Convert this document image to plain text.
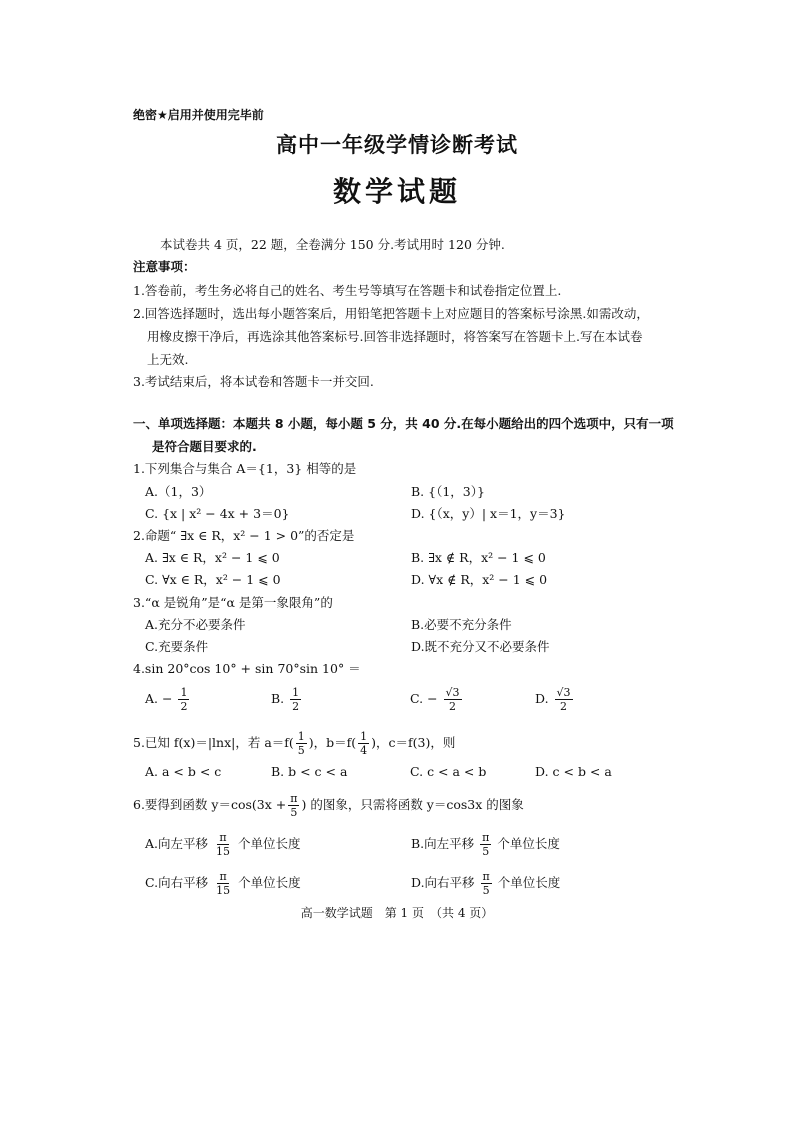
绝密★启用并使用完毕前
高中一年级学情诊断考试
数学试题
本试卷共 4 页，22 题，全卷满分 150 分.考试用时 120 分钟.
注意事项：
1.答卷前，考生务必将自己的姓名、考生号等填写在答题卡和试卷指定位置上.
2.回答选择题时，选出每小题答案后，用铅笔把答题卡上对应题目的答案标号涂黑.如需改动，
用橡皮擦干净后，再选涂其他答案标号.回答非选择题时，将答案写在答题卡上.写在本试卷
上无效.
3.考试结束后，将本试卷和答题卡一并交回.
一、单项选择题：本题共 8 小题，每小题 5 分，共 40 分.在每小题给出的四个选项中，只有一项
是符合题目要求的.
1.下列集合与集合 A＝{1，3} 相等的是
A.（1，3）	B. {（1，3）}
C. {x | x² − 4x + 3＝0}	D. {（x，y）| x＝1，y＝3}
2.命题“ ∃x ∈ R，x² − 1 > 0”的否定是
A. ∃x ∈ R，x² − 1 ⩽ 0	B. ∃x ∉ R，x² − 1 ⩽ 0
C. ∀x ∈ R，x² − 1 ⩽ 0	D. ∀x ∉ R，x² − 1 ⩽ 0
3.“α 是锐角”是“α 是第一象限角”的
A.充分不必要条件	B.必要不充分条件
C.充要条件	D.既不充分又不必要条件
4.sin 20°cos 10° + sin 70°sin 10° ＝
A. − $\frac{1}{2}$	B. $\frac{1}{2}$	C. − $\frac{√3}{2}$	D. $\frac{√3}{2}$
5.已知 f(x)＝|lnx|，若 $a=f( \frac{1}{5}$ )，$b=f( \frac{1}{4}$ )，c＝f(3)，则
A. a < b < c	B. b < c < a	C. c < a < b	D. c < b < a
6.要得到函数 $y=\cos(3x + \frac{\pi}{5}$ ) 的图象，只需将函数 y＝cos3x 的图象
A.向左平移 $\frac{\pi}{15}$ 个单位长度	B.向左平移 $\frac{\pi}{5}$ 个单位长度
C.向右平移 $\frac{\pi}{15}$ 个单位长度	D.向右平移 $\frac{\pi}{5}$ 个单位长度
高一数学试题　第 1 页　（共 4 页）
